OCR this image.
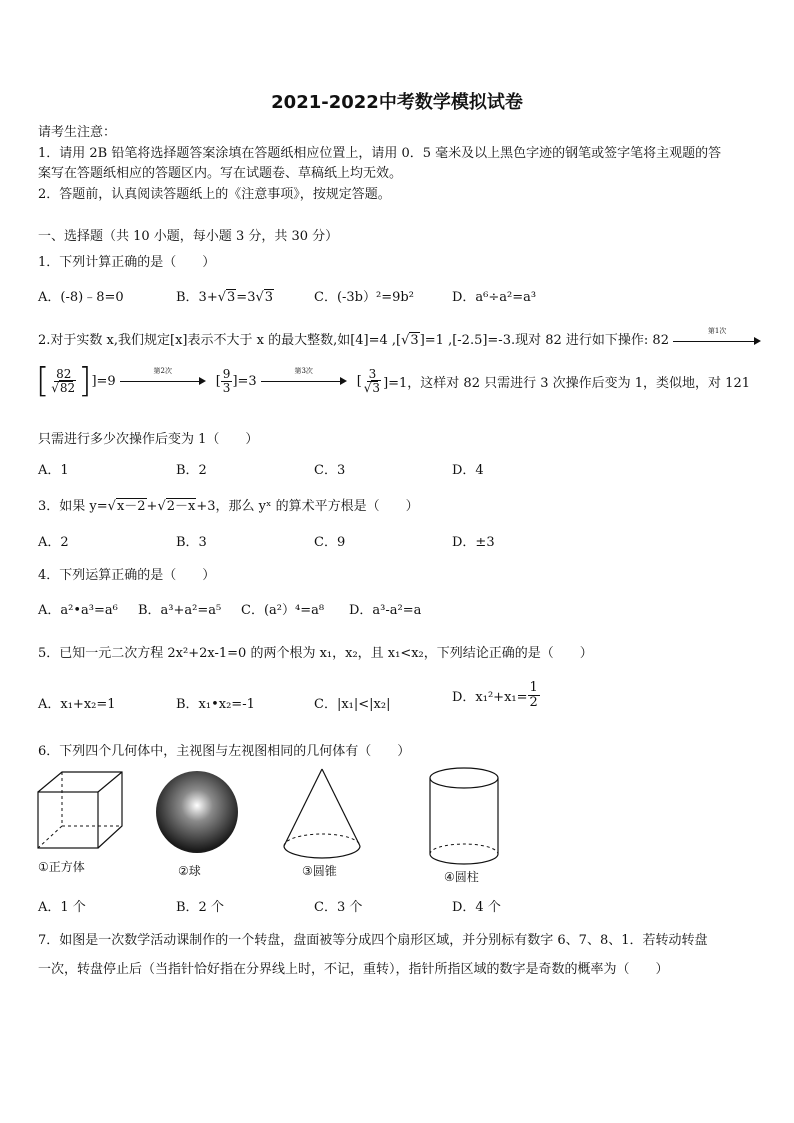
2021-2022中考数学模拟试卷
请考生注意：
1．请用 2B 铅笔将选择题答案涂填在答题纸相应位置上，请用 0．5 毫米及以上黑色字迹的钢笔或签字笔将主观题的答
案写在答题纸相应的答题区内。写在试题卷、草稿纸上均无效。
2．答题前，认真阅读答题纸上的《注意事项》，按规定答题。
一、选择题（共 10 小题，每小题 3 分，共 30 分）
1．下列计算正确的是（　　）
A．(-8)﹣8=0	B．3+√3=3√3	C．(-3b）²=9b²	D．a⁶÷a²=a³
2.对于实数 x,我们规定[x]表示不大于 x 的最大整数,如[4]=4 ,[√3]=1 ,[-2.5]=-3.现对 82 进行如下操作: 82
第1次
[ $\frac{82}{√82}$ ] ]=9
第2次
[ $\frac{9}{3} ]=3$
第3次
[ $\frac{3}{√3} ]=1$，这样对 82 只需进行 3 次操作后变为 1，类似地，对 121
只需进行多少次操作后变为 1（　　）
A．1	B．2	C．3	D．4
3．如果 y=√x－2+√2－x+3，那么 yˣ 的算术平方根是（　　）
A．2	B．3	C．9	D．±3
4．下列运算正确的是（　　）
A．a²•a³=a⁶ B．a³+a²=a⁵ C．(a²）⁴=a⁸ D．a³-a²=a
5．已知一元二次方程 2x²+2x-1=0 的两个根为 x₁，x₂，且 x₁<x₂，下列结论正确的是（　　）
A．x₁+x₂=1	B．x₁•x₂=-1	C．|x₁|<|x₂|	D．$x_1^2+x_1= \frac{1}{2}$
6．下列四个几何体中，主视图与左视图相同的几何体有（　　）
①正方体	②球	③圆锥	④圆柱
A．1 个	B．2 个	C．3 个	D．4 个
7．如图是一次数学活动课制作的一个转盘，盘面被等分成四个扇形区域，并分别标有数字 6、7、8、1．若转动转盘
一次，转盘停止后（当指针恰好指在分界线上时，不记，重转），指针所指区域的数字是奇数的概率为（　　）
